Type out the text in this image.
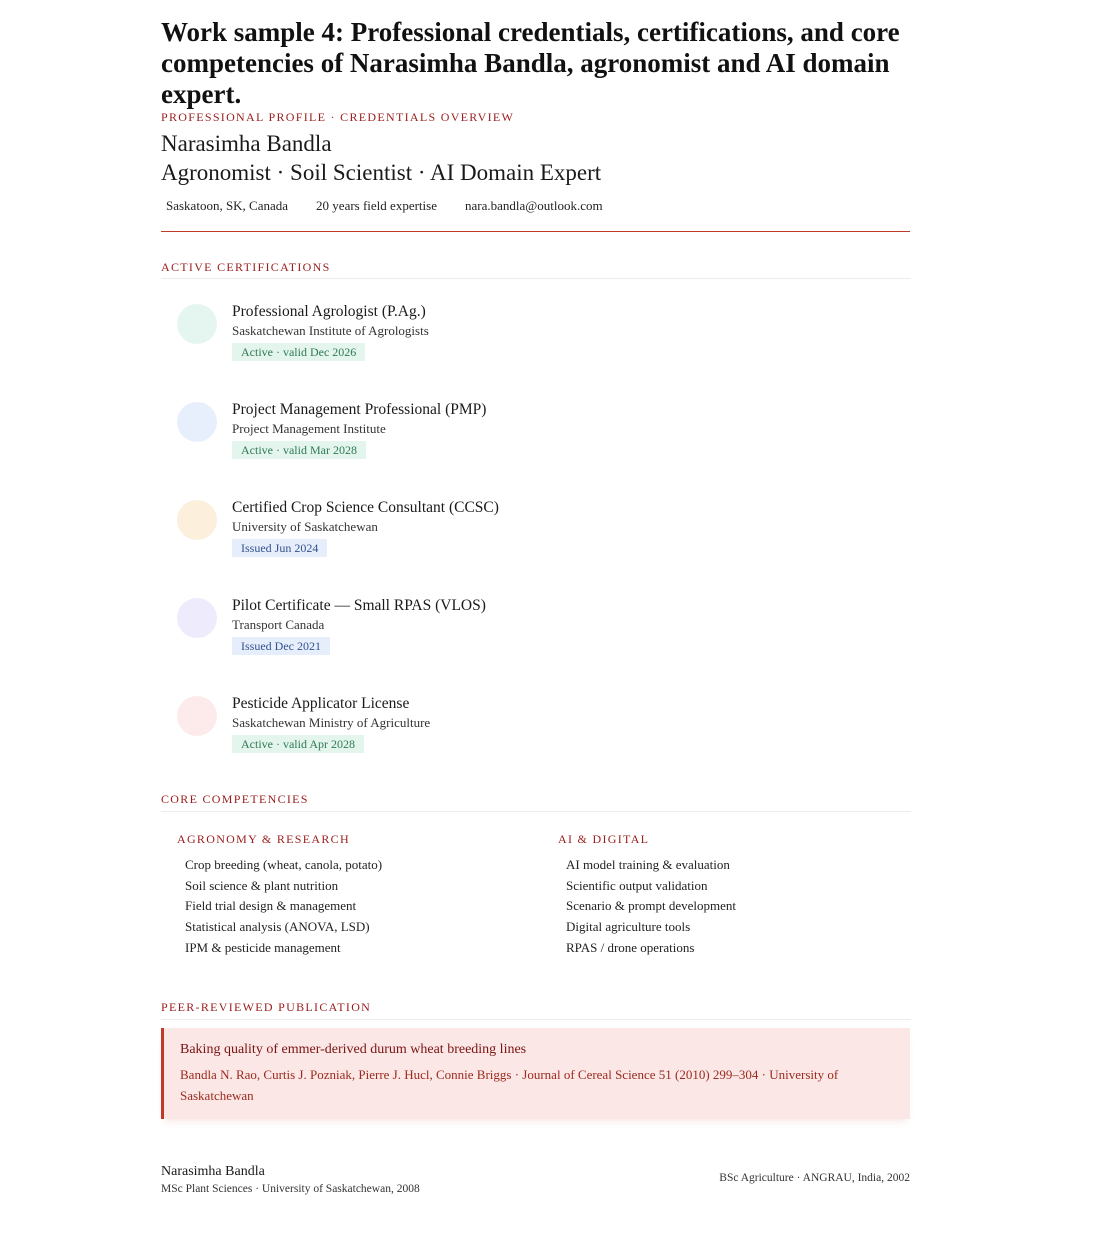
Work sample 4: Professional credentials, certifications, and core competencies of Narasimha Bandla, agronomist and AI domain expert.
PROFESSIONAL PROFILE · CREDENTIALS OVERVIEW
Narasimha Bandla
Agronomist · Soil Scientist · AI Domain Expert
Saskatoon, SK, Canada 20 years field expertise nara.bandla@outlook.com
ACTIVE CERTIFICATIONS
Professional Agrologist (P.Ag.)
Saskatchewan Institute of Agrologists
Active · valid Dec 2026
Project Management Professional (PMP)
Project Management Institute
Active · valid Mar 2028
Certified Crop Science Consultant (CCSC)
University of Saskatchewan
Issued Jun 2024
Pilot Certificate — Small RPAS (VLOS)
Transport Canada
Issued Dec 2021
Pesticide Applicator License
Saskatchewan Ministry of Agriculture
Active · valid Apr 2028
CORE COMPETENCIES
AGRONOMY & RESEARCH
Crop breeding (wheat, canola, potato)
Soil science & plant nutrition
Field trial design & management
Statistical analysis (ANOVA, LSD)
IPM & pesticide management
AI & DIGITAL
AI model training & evaluation
Scientific output validation
Scenario & prompt development
Digital agriculture tools
RPAS / drone operations
PEER-REVIEWED PUBLICATION
Baking quality of emmer-derived durum wheat breeding lines
Bandla N. Rao, Curtis J. Pozniak, Pierre J. Hucl, Connie Briggs · Journal of Cereal Science 51 (2010) 299–304 · University of Saskatchewan
Narasimha Bandla
MSc Plant Sciences · University of Saskatchewan, 2008
BSc Agriculture · ANGRAU, India, 2002
